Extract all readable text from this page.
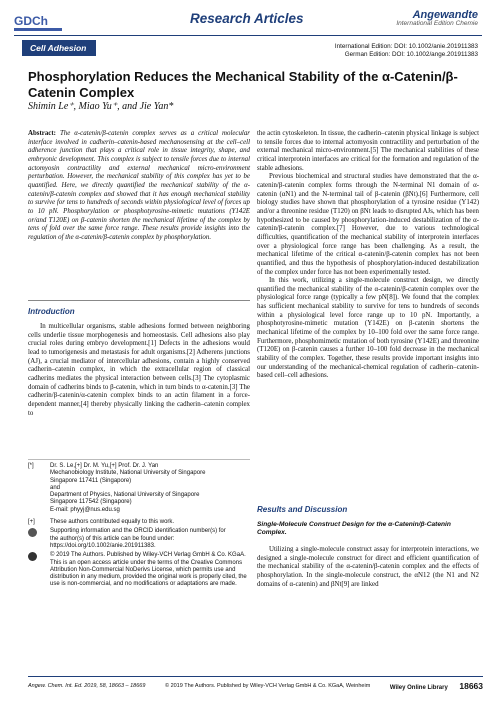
GDCh	Research Articles	Angewandte
International Edition Chemie
Cell Adhesion	International Edition: DOI: 10.1002/anie.201911383
German Edition: DOI: 10.1002/ange.201911383
Phosphorylation Reduces the Mechanical Stability of the α-Catenin/β-Catenin Complex
Shimin Le⁺, Miao Yu⁺, and Jie Yan*
Abstract: The α-catenin/β-catenin complex serves as a critical molecular interface involved in cadherin–catenin-based mechanosensing at the cell–cell adherence junction that plays a critical role in tissue integrity, shape, and embryonic development. This complex is subject to tensile forces due to internal actomyosin contractility and external mechanical micro-environment perturbation. However, the mechanical stability of this complex has yet to be quantified. Here, we directly quantified the mechanical stability of the α-catenin/β-catenin complex and showed that it has enough mechanical stability to survive for tens to hundreds of seconds within physiological level of forces up to 10 pN. Phosphorylation or phosphotyrosine-mimetic mutations (Y142E or/and T120E) on β-catenin shorten the mechanical lifetime of the complex by tens of fold over the same force range. These results provide insights into the regulation of the α-catenin/β-catenin complex by phosphorylation.
Introduction

In multicellular organisms, stable adhesions formed between neighboring cells underlie tissue morphogenesis and homeostasis. Cell adhesions also play crucial roles during embryo development.[1] Defects in the adhesions would lead to tumorigenesis and metastasis for adult organisms.[2] Adherens junctions (AJ), a crucial mediator of intercellular adhesions, contain a highly conserved cadherin–catenin complex, in which the extracellular region of classical cadherins mediates the physical interaction between cells.[3] The cytoplasmic domain of cadherins binds to β-catenin, which in turn binds to α-catenin.[3] The cadherin/β-catenin/α-catenin complex binds to an actin filament in a force-dependent manner,[4] thereby physically linking the cadherin–catenin complex to

[*]	Dr. S. Le,[+] Dr. M. Yu,[+] Prof. Dr. J. Yan
Mechanobiology Institute, National University of Singapore
Singapore 117411 (Singapore)
and
Department of Physics, National University of Singapore
Singapore 117542 (Singapore)
E-mail: phyyj@nus.edu.sg
[+]	These authors contributed equally to this work.
Supporting information and the ORCID identification number(s) for
the author(s) of this article can be found under:
https://doi.org/10.1002/anie.201911383.
© 2019 The Authors. Published by Wiley-VCH Verlag GmbH & Co. KGaA. This is an open access article under the terms of the Creative Commons Attribution Non-Commercial NoDerivs License, which permits use and distribution in any medium, provided the original work is properly cited, the use is non-commercial, and no modifications or adaptations are made.

the actin cytoskeleton. In tissue, the cadherin–catenin physical linkage is subject to tensile forces due to internal actomyosin contractility and perturbation of the external mechanical micro-environment.[5] The mechanical stabilities of these critical interprotein interfaces are critical for the formation and regulation of the stable adhesions.

Previous biochemical and structural studies have demonstrated that the α-catenin/β-catenin complex forms through the N-terminal N1 domain of α-catenin (αN1) and the N-terminal tail of β-catenin (βNt).[6] Furthermore, cell biology studies have shown that phosphorylation of a tyrosine residue (Y142) and/or a threonine residue (T120) on βNt leads to disrupted AJs, which has been hypothesized to be caused by phosphorylation-induced destabilization of the α-catenin/β-catenin complex.[7] However, due to various technological difficulties, quantification of the mechanical stability of interprotein interfaces over a physiological force range has been challenging. As a result, the mechanical lifetime of the critical α-catenin/β-catenin complex has not been quantified, and thus the hypothesis of phosphorylation-induced destabilization of the complex under force has not been experimentally tested.

In this work, utilizing a single-molecule construct design, we directly quantified the mechanical stability of the α-catenin/β-catenin complex over the physiological force range (typically a few pN[8]). We found that the complex has sufficient mechanical stability to survive for tens to hundreds of seconds within a physiological level force range up to 10 pN. Importantly, a phosphotyrosine-mimetic mutation (Y142E) on β-catenin shortens the mechanical lifetime of the complex by 10–100 fold over the same force range. Furthermore, phosphomimetic mutation of both tyrosine (Y142E) and threonine (T120E) on β-catenin causes a further 10–100 fold decrease in the mechanical stability of the complex. Together, these results provide important insights into our understanding of the mechanical-chemical regulation of cadherin–catenin-based cell–cell adhesions.

Results and Discussion
Single-Molecule Construct Design for the α-Catenin/β-Catenin Complex.

Utilizing a single-molecule construct assay for interprotein interactions, we designed a single-molecule construct for direct and efficient quantification of the mechanical stability of the α-catenin/β-catenin complex and the effects of phosphorylation. In the single-molecule construct, the αN12 (the N1 and N2 domains of α-catenin) and βNt[9] are linked

Angew. Chem. Int. Ed. 2019, 58, 18663 – 18669	© 2019 The Authors. Published by Wiley-VCH Verlag GmbH & Co. KGaA, Weinheim	Wiley Online Library 18663
